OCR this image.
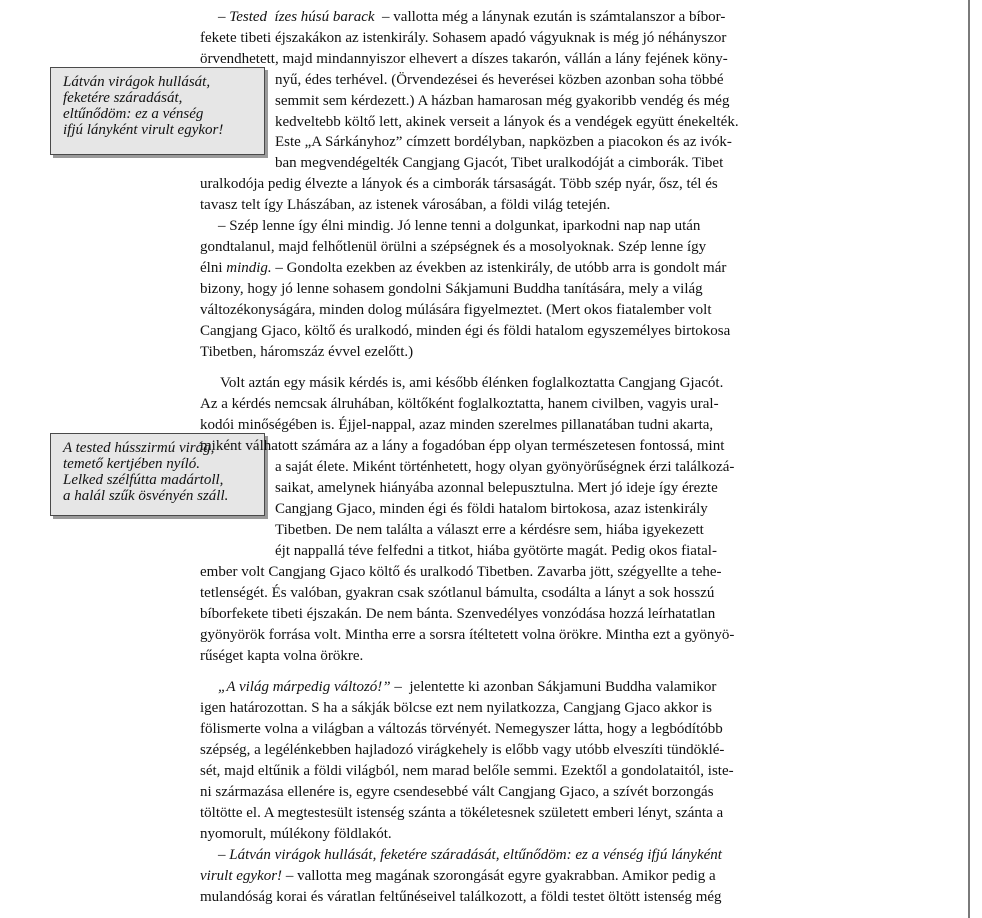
Látván virágok hullását,
feketére száradását,
eltűnődöm: ez a vénség
ifjú lányként virult egykor!
A tested hússzirmú virág,
temető kertjében nyíló.
Lelked szélfútta madártoll,
a halál szűk ösvényén száll.
– Tested  ízes húsú barack  – vallotta még a lánynak ezután is számtalanszor a bíbor-
fekete tibeti éjszakákon az istenkirály. Sohasem apadó vágyuknak is még jó néhányszor
örvendhetett, majd mindannyiszor elhevert a díszes takarón, vállán a lány fejének köny-
nyű, édes terhével. (Örvendezései és heverései közben azonban soha többé
semmit sem kérdezett.) A házban hamarosan még gyakoribb vendég és még
kedveltebb költő lett, akinek verseit a lányok és a vendégek együtt énekelték.
Este „A Sárkányhoz” címzett bordélyban, napközben a piacokon és az ivók-
ban megvendégelték Cangjang Gjacót, Tibet uralkodóját a cimborák. Tibet
uralkodója pedig élvezte a lányok és a cimborák társaságát. Több szép nyár, ősz, tél és
tavasz telt így Lhászában, az istenek városában, a földi világ tetején.
– Szép lenne így élni mindig. Jó lenne tenni a dolgunkat, iparkodni nap nap után
gondtalanul, majd felhőtlenül örülni a szépségnek és a mosolyoknak. Szép lenne így
élni mindig. – Gondolta ezekben az években az istenkirály, de utóbb arra is gondolt már
bizony, hogy jó lenne sohasem gondolni Sákjamuni Buddha tanítására, mely a világ
változékonyságára, minden dolog múlására figyelmeztet. (Mert okos fiatalember volt
Cangjang Gjaco, költő és uralkodó, minden égi és földi hatalom egyszemélyes birtokosa
Tibetben, háromszáz évvel ezelőtt.)
Volt aztán egy másik kérdés is, ami később élénken foglalkoztatta Cangjang Gjacót.
Az a kérdés nemcsak álruhában, költőként foglalkoztatta, hanem civilben, vagyis ural-
kodói minőségében is. Éjjel-nappal, azaz minden szerelmes pillanatában tudni akarta,
miként válhatott számára az a lány a fogadóban épp olyan természetesen fontossá, mint
a saját élete. Miként történhetett, hogy olyan gyönyörűségnek érzi találkozá-
saikat, amelynek hiányába azonnal belepusztulna. Mert jó ideje így érezte
Cangjang Gjaco, minden égi és földi hatalom birtokosa, azaz istenkirály
Tibetben. De nem találta a választ erre a kérdésre sem, hiába igyekezett
éjt nappallá téve felfedni a titkot, hiába gyötörte magát. Pedig okos fiatal-
ember volt Cangjang Gjaco költő és uralkodó Tibetben. Zavarba jött, szégyellte a tehe-
tetlenségét. És valóban, gyakran csak szótlanul bámulta, csodálta a lányt a sok hosszú
bíborfekete tibeti éjszakán. De nem bánta. Szenvedélyes vonzódása hozzá leírhatatlan
gyönyörök forrása volt. Mintha erre a sorsra ítéltetett volna örökre. Mintha ezt a gyönyö-
rűséget kapta volna örökre.
„A világ márpedig változó!” –  jelentette ki azonban Sákjamuni Buddha valamikor
igen határozottan. S ha a sákják bölcse ezt nem nyilatkozza, Cangjang Gjaco akkor is
fölismerte volna a világban a változás törvényét. Nemegyszer látta, hogy a legbódítóbb
szépség, a legélénkebben hajladozó virágkehely is előbb vagy utóbb elveszíti tündöklé-
sét, majd eltűnik a földi világból, nem marad belőle semmi. Ezektől a gondolataitól, iste-
ni származása ellenére is, egyre csendesebbé vált Cangjang Gjaco, a szívét borzongás
töltötte el. A megtestesült istenség szánta a tökéletesnek született emberi lényt, szánta a
nyomorult, múlékony földlakót.
– Látván virágok hullását, feketére száradását, eltűnődöm: ez a vénség ifjú lányként
virult egykor! – vallotta meg magának szorongását egyre gyakrabban. Amikor pedig a
mulandóság korai és váratlan feltűnéseivel találkozott, a földi testet öltött istenség még
